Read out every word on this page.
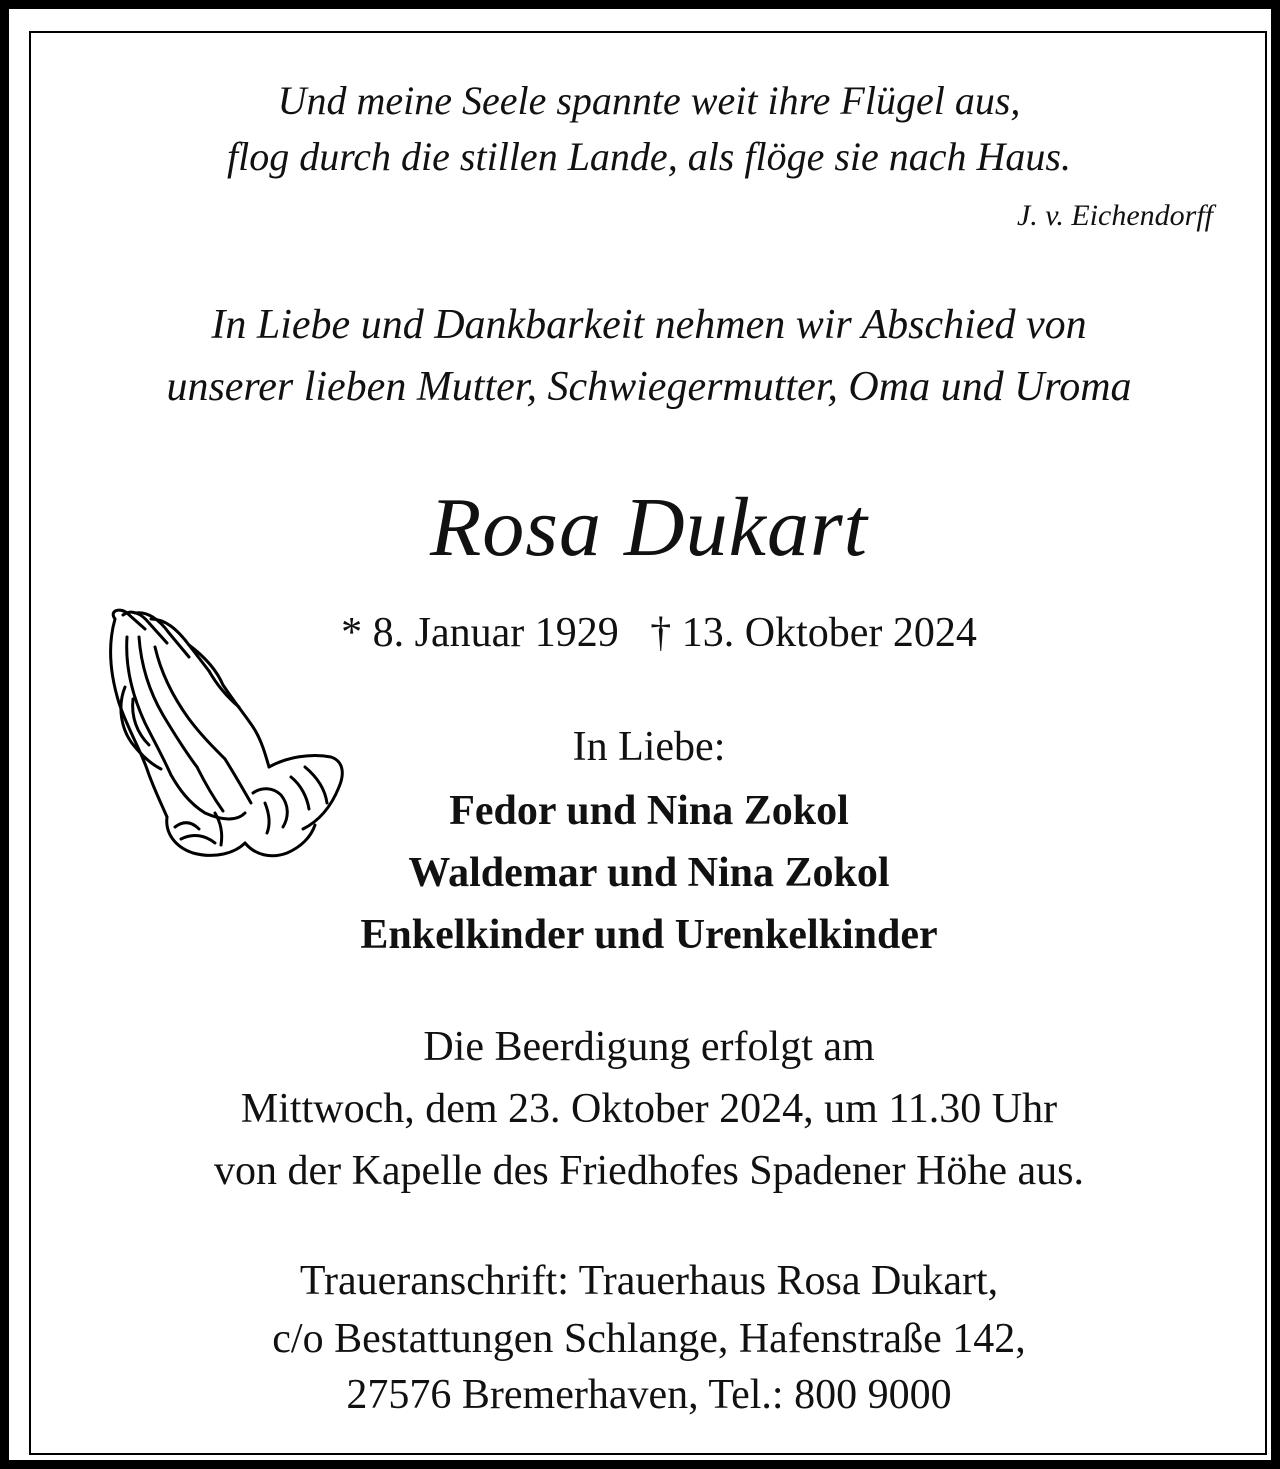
Und meine Seele spannte weit ihre Flügel aus,
flog durch die stillen Lande, als flöge sie nach Haus.
J. v. Eichendorff
In Liebe und Dankbarkeit nehmen wir Abschied von
unserer lieben Mutter, Schwiegermutter, Oma und Uroma
Rosa Dukart
* 8. Januar 1929   † 13. Oktober 2024
In Liebe:
Fedor und Nina Zokol
Waldemar und Nina Zokol
Enkelkinder und Urenkelkinder
Die Beerdigung erfolgt am
Mittwoch, dem 23. Oktober 2024, um 11.30 Uhr
von der Kapelle des Friedhofes Spadener Höhe aus.
Traueranschrift: Trauerhaus Rosa Dukart,
c/o Bestattungen Schlange, Hafenstraße 142,
27576 Bremerhaven, Tel.: 800 9000
